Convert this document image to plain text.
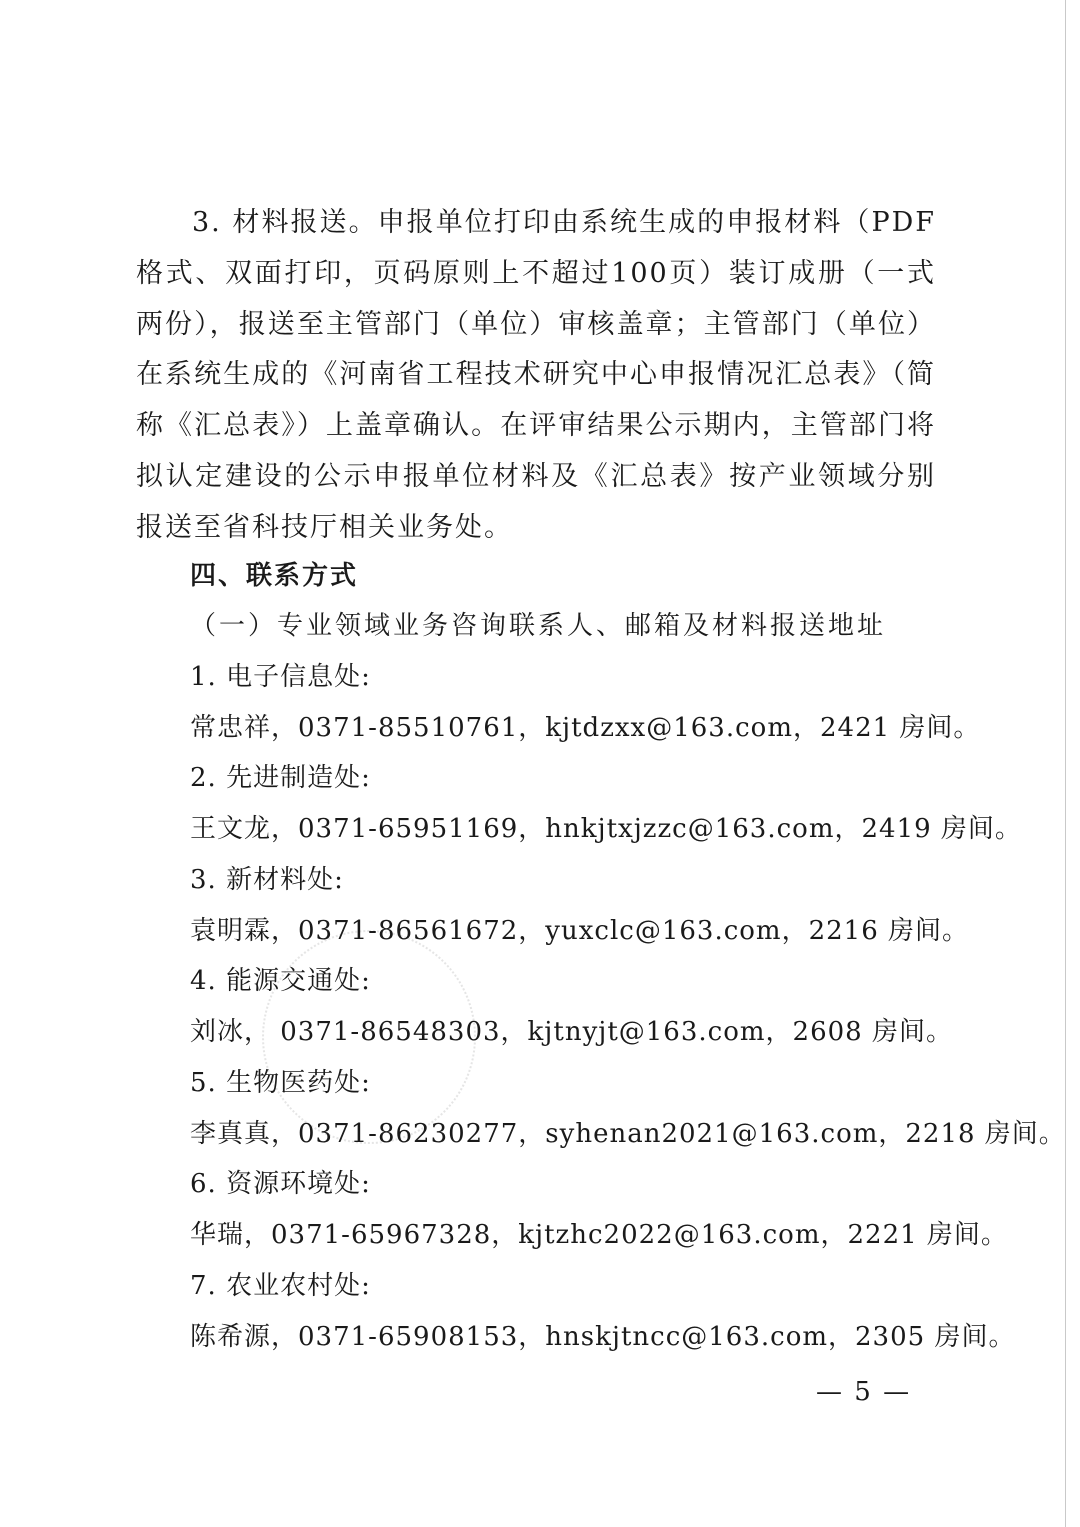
3. 材料报送。申报单位打印由系统生成的申报材料（PDF格式、双面打印，页码原则上不超过100页）装订成册（一式两份），报送至主管部门（单位）审核盖章；主管部门（单位）在系统生成的《河南省工程技术研究中心申报情况汇总表》（简称《汇总表》）上盖章确认。在评审结果公示期内，主管部门将拟认定建设的公示申报单位材料及《汇总表》按产业领域分别报送至省科技厅相关业务处。

四、联系方式
（一）专业领域业务咨询联系人、邮箱及材料报送地址
1. 电子信息处:
常忠祥，0371-85510761，kjtdzxx@163.com，2421 房间。
2. 先进制造处:
王文龙，0371-65951169，hnkjtxjzzc@163.com，2419 房间。
3. 新材料处:
袁明霖，0371-86561672，yuxclc@163.com，2216 房间。
4. 能源交通处:
刘冰， 0371-86548303，kjtnyjt@163.com，2608 房间。
5. 生物医药处:
李真真，0371-86230277，syhenan2021@163.com，2218 房间。
6. 资源环境处:
华瑞，0371-65967328，kjtzhc2022@163.com，2221 房间。
7. 农业农村处:
陈希源，0371-65908153，hnskjtncc@163.com，2305 房间。
— 5 —
